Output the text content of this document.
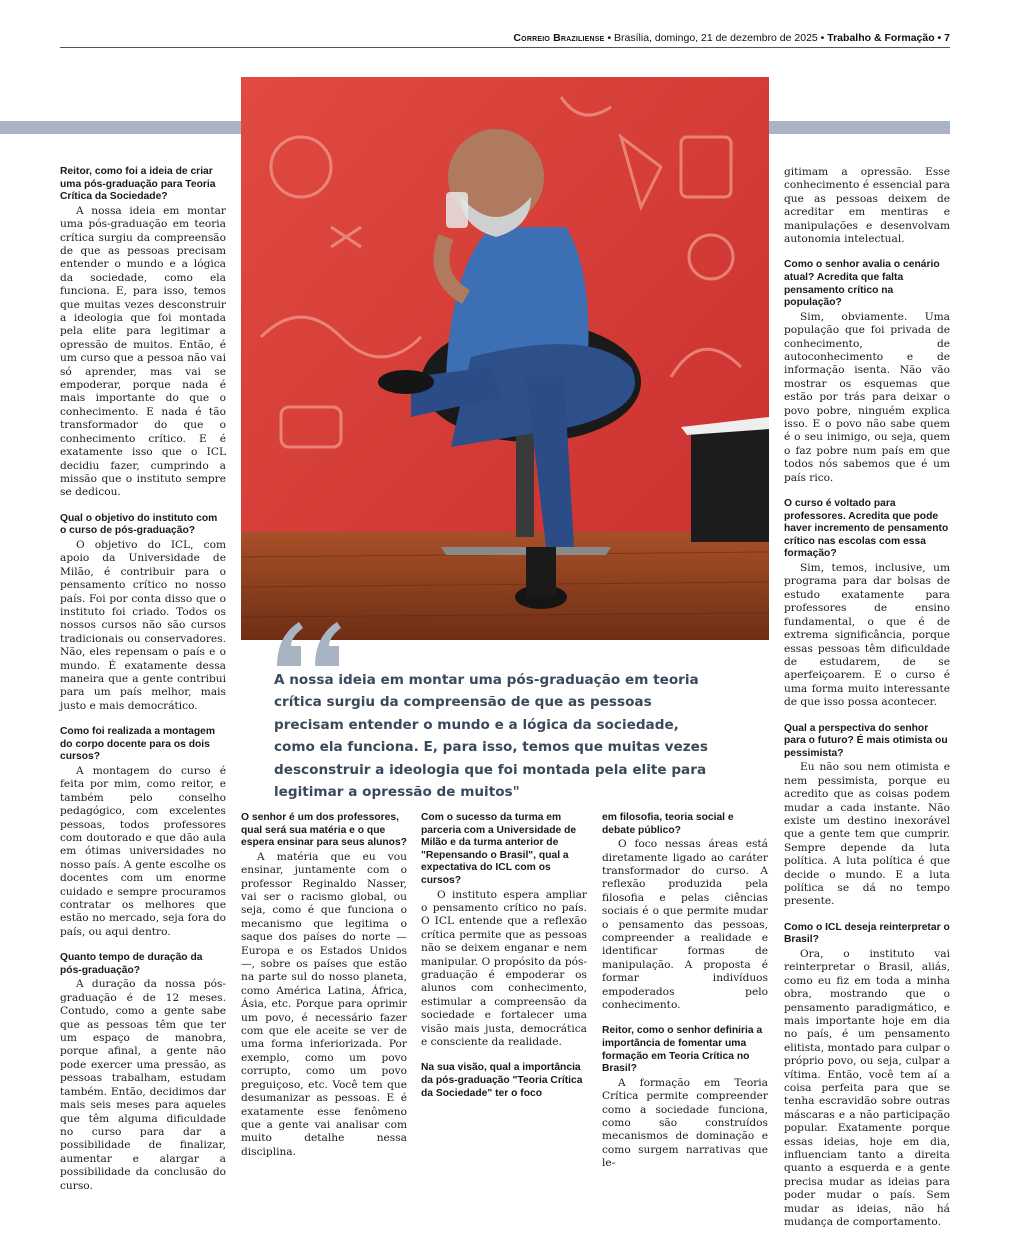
Correio Braziliense • Brasília, domingo, 21 de dezembro de 2025 • Trabalho & Formação • 7
A nossa ideia em montar uma pós-graduação em teoria crítica surgiu da compreensão de que as pessoas precisam entender o mundo e a lógica da sociedade, como ela funciona. E, para isso, temos que muitas vezes desconstruir a ideologia que foi montada pela elite para legitimar a opressão de muitos"
Reitor, como foi a ideia de criar uma pós-graduação para Teoria Crítica da Sociedade?
A nossa ideia em montar uma pós-graduação em teoria crítica surgiu da compreensão de que as pessoas precisam entender o mundo e a lógica da sociedade, como ela funciona. E, para isso, temos que muitas vezes desconstruir a ideologia que foi montada pela elite para legitimar a opressão de muitos. Então, é um curso que a pessoa não vai só aprender, mas vai se empoderar, porque nada é mais importante do que o conhecimento. E nada é tão transformador do que o conhecimento crítico. E é exatamente isso que o ICL decidiu fazer, cumprindo a missão que o instituto sempre se dedicou.
Qual o objetivo do instituto com o curso de pós-graduação?
O objetivo do ICL, com apoio da Universidade de Milão, é contribuir para o pensamento crítico no nosso país. Foi por conta disso que o instituto foi criado. Todos os nossos cursos não são cursos tradicionais ou conservadores. Não, eles repensam o país e o mundo. É exatamente dessa maneira que a gente contribui para um país melhor, mais justo e mais democrático.
Como foi realizada a montagem do corpo docente para os dois cursos?
A montagem do curso é feita por mim, como reitor, e também pelo conselho pedagógico, com excelentes pessoas, todos professores com doutorado e que dão aula em ótimas universidades no nosso país. A gente escolhe os docentes com um enorme cuidado e sempre procuramos contratar os melhores que estão no mercado, seja fora do país, ou aqui dentro.
Quanto tempo de duração da pós-graduação?
A duração da nossa pós-graduação é de 12 meses. Contudo, como a gente sabe que as pessoas têm que ter um espaço de manobra, porque afinal, a gente não pode exercer uma pressão, as pessoas trabalham, estudam também. Então, decidimos dar mais seis meses para aqueles que têm alguma dificuldade no curso para dar a possibilidade de finalizar, aumentar e alargar a possibilidade da conclusão do curso.
O senhor é um dos professores, qual será sua matéria e o que espera ensinar para seus alunos?
A matéria que eu vou ensinar, juntamente com o professor Reginaldo Nasser, vai ser o racismo global, ou seja, como é que funciona o mecanismo que legitima o saque dos países do norte — Europa e os Estados Unidos —, sobre os países que estão na parte sul do nosso planeta, como América Latina, África, Ásia, etc. Porque para oprimir um povo, é necessário fazer com que ele aceite se ver de uma forma inferiorizada. Por exemplo, como um povo corrupto, como um povo preguiçoso, etc. Você tem que desumanizar as pessoas. E é exatamente esse fenômeno que a gente vai analisar com muito detalhe nessa disciplina.
Com o sucesso da turma em parceria com a Universidade de Milão e da turma anterior de "Repensando o Brasil", qual a expectativa do ICL com os cursos?
O instituto espera ampliar o pensamento crítico no país. O ICL entende que a reflexão crítica permite que as pessoas não se deixem enganar e nem manipular. O propósito da pós-graduação é empoderar os alunos com conhecimento, estimular a compreensão da sociedade e fortalecer uma visão mais justa, democrática e consciente da realidade.
Na sua visão, qual a importância da pós-graduação "Teoria Crítica da Sociedade" ter o foco
em filosofia, teoria social e debate público?
O foco nessas áreas está diretamente ligado ao caráter transformador do curso. A reflexão produzida pela filosofia e pelas ciências sociais é o que permite mudar o pensamento das pessoas, compreender a realidade e identificar formas de manipulação. A proposta é formar indivíduos empoderados pelo conhecimento.
Reitor, como o senhor definiria a importância de fomentar uma formação em Teoria Crítica no Brasil?
A formação em Teoria Crítica permite compreender como a sociedade funciona, como são construídos mecanismos de dominação e como surgem narrativas que le-
gitimam a opressão. Esse conhecimento é essencial para que as pessoas deixem de acreditar em mentiras e manipulações e desenvolvam autonomia intelectual.
Como o senhor avalia o cenário atual? Acredita que falta pensamento crítico na população?
Sim, obviamente. Uma população que foi privada de conhecimento, de autoconhecimento e de informação isenta. Não vão mostrar os esquemas que estão por trás para deixar o povo pobre, ninguém explica isso. E o povo não sabe quem é o seu inimigo, ou seja, quem o faz pobre num país em que todos nós sabemos que é um país rico.
O curso é voltado para professores. Acredita que pode haver incremento de pensamento crítico nas escolas com essa formação?
Sim, temos, inclusive, um programa para dar bolsas de estudo exatamente para professores de ensino fundamental, o que é de extrema significância, porque essas pessoas têm dificuldade de estudarem, de se aperfeiçoarem. E o curso é uma forma muito interessante de que isso possa acontecer.
Qual a perspectiva do senhor para o futuro? É mais otimista ou pessimista?
Eu não sou nem otimista e nem pessimista, porque eu acredito que as coisas podem mudar a cada instante. Não existe um destino inexorável que a gente tem que cumprir. Sempre depende da luta política. A luta política é que decide o mundo. E a luta política se dá no tempo presente.
Como o ICL deseja reinterpretar o Brasil?
Ora, o instituto vai reinterpretar o Brasil, aliás, como eu fiz em toda a minha obra, mostrando que o pensamento paradigmático, e mais importante hoje em dia no país, é um pensamento elitista, montado para culpar o próprio povo, ou seja, culpar a vítima. Então, você tem aí a coisa perfeita para que se tenha escravidão sobre outras máscaras e a não participação popular. Exatamente porque essas ideias, hoje em dia, influenciam tanto a direita quanto a esquerda e a gente precisa mudar as ideias para poder mudar o país. Sem mudar as ideias, não há mudança de comportamento.
